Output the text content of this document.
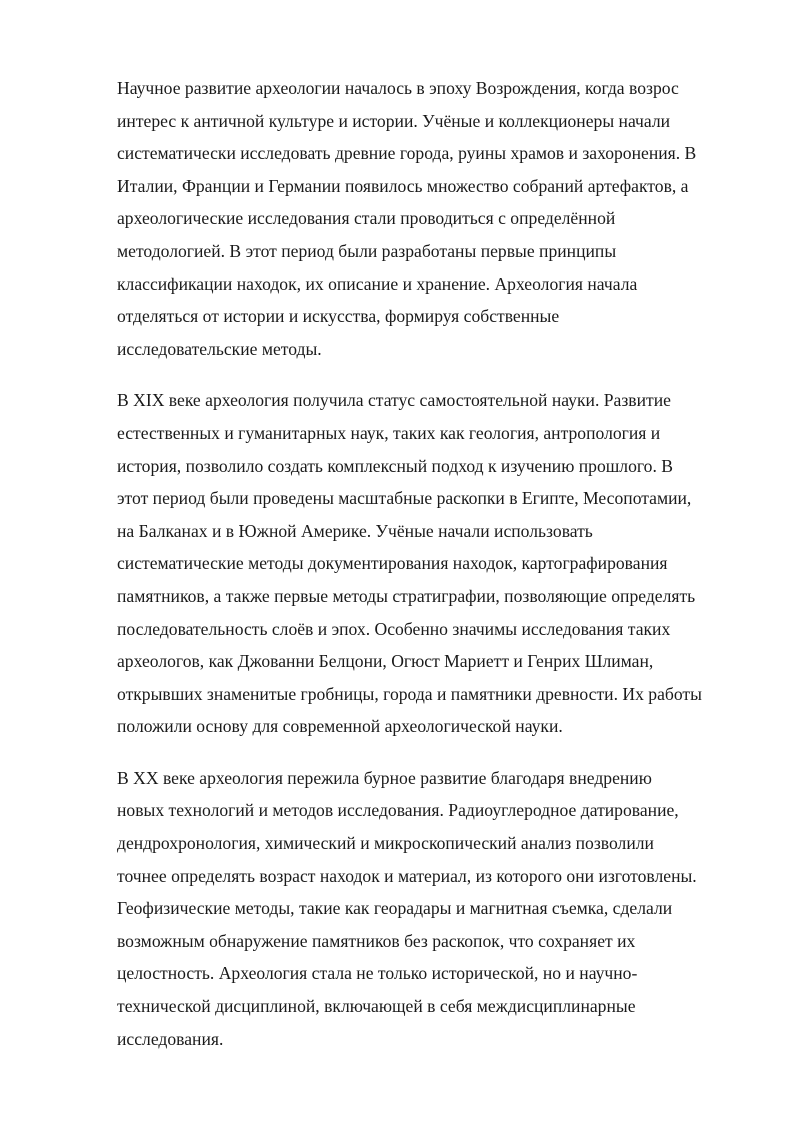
Научное развитие археологии началось в эпоху Возрождения, когда возрос
интерес к античной культуре и истории. Учёные и коллекционеры начали
систематически исследовать древние города, руины храмов и захоронения. В
Италии, Франции и Германии появилось множество собраний артефактов, а
археологические исследования стали проводиться с определённой
методологией. В этот период были разработаны первые принципы
классификации находок, их описание и хранение. Археология начала
отделяться от истории и искусства, формируя собственные
исследовательские методы.

В XIX веке археология получила статус самостоятельной науки. Развитие
естественных и гуманитарных наук, таких как геология, антропология и
история, позволило создать комплексный подход к изучению прошлого. В
этот период были проведены масштабные раскопки в Египте, Месопотамии,
на Балканах и в Южной Америке. Учёные начали использовать
систематические методы документирования находок, картографирования
памятников, а также первые методы стратиграфии, позволяющие определять
последовательность слоёв и эпох. Особенно значимы исследования таких
археологов, как Джованни Белцони, Огюст Мариетт и Генрих Шлиман,
открывших знаменитые гробницы, города и памятники древности. Их работы
положили основу для современной археологической науки.

В XX веке археология пережила бурное развитие благодаря внедрению
новых технологий и методов исследования. Радиоуглеродное датирование,
дендрохронология, химический и микроскопический анализ позволили
точнее определять возраст находок и материал, из которого они изготовлены.
Геофизические методы, такие как георадары и магнитная съемка, сделали
возможным обнаружение памятников без раскопок, что сохраняет их
целостность. Археология стала не только исторической, но и научно-
технической дисциплиной, включающей в себя междисциплинарные
исследования.
